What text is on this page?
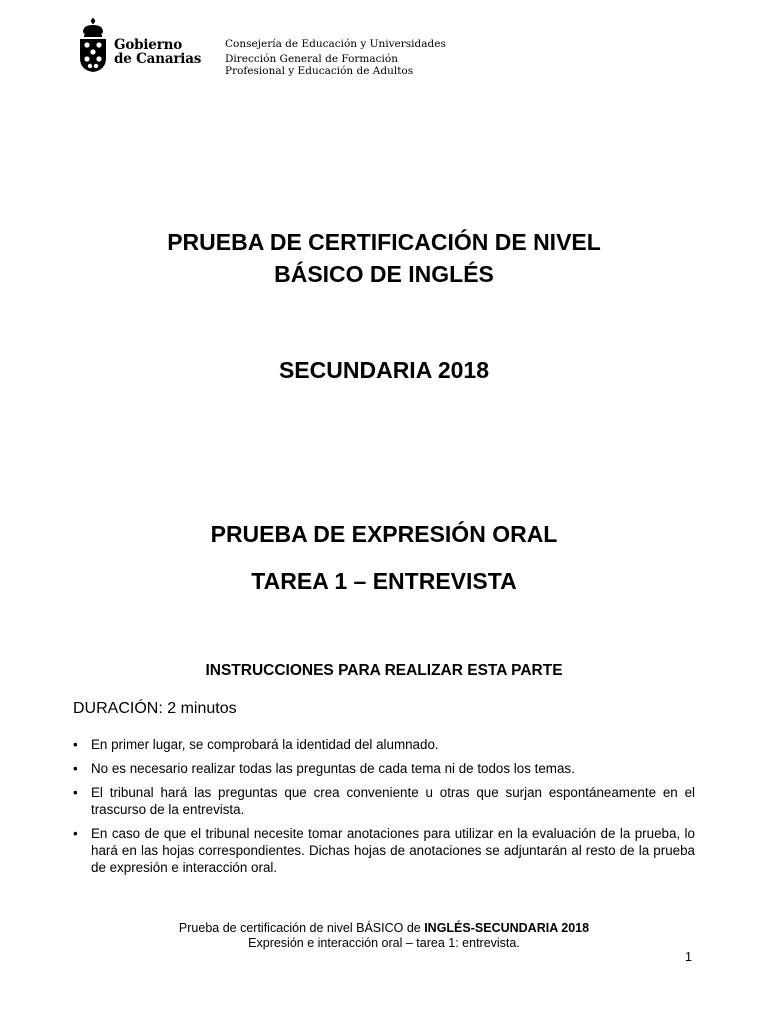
Gobierno
de Canarias
Consejería de Educación y Universidades
Dirección General de Formación
Profesional y Educación de Adultos
PRUEBA DE CERTIFICACIÓN DE NIVEL
BÁSICO DE INGLÉS
SECUNDARIA 2018
PRUEBA DE EXPRESIÓN ORAL
TAREA 1 – ENTREVISTA
INSTRUCCIONES PARA REALIZAR ESTA PARTE
DURACIÓN: 2 minutos
• En primer lugar, se comprobará la identidad del alumnado.
• No es necesario realizar todas las preguntas de cada tema ni de todos los temas.
• El tribunal hará las preguntas que crea conveniente u otras que surjan espontáneamente en el trascurso de la entrevista.
• En caso de que el tribunal necesite tomar anotaciones para utilizar en la evaluación de la prueba, lo hará en las hojas correspondientes. Dichas hojas de anotaciones se adjuntarán al resto de la prueba de expresión e interacción oral.
Prueba de certificación de nivel BÁSICO de INGLÉS-SECUNDARIA 2018
Expresión e interacción oral – tarea 1: entrevista.
1
